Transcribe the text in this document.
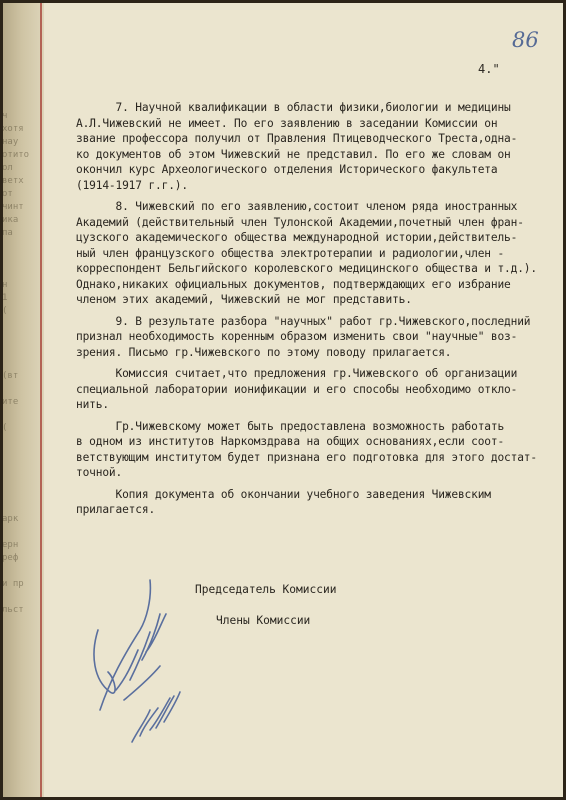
ч
хотя
нау
отито
ол
ветх
от
чинт
ика
па

н
1
(

(вт

ите

(

арк

ерн
реф

и пр

льст
86
4."

7. Научной квалификации в области физики,биологии и медицины
А.Л.Чижевский не имеет. По его заявлению в заседании Комиссии он
звание профессора получил от Правления Птицеводческого Треста,одна-
ко документов об этом Чижевский не представил. По его же словам он
окончил курс Археологического отделения Исторического факультета
(1914-1917 г.г.).

8. Чижевский по его заявлению,состоит членом ряда иностранных
Академий (действительный член Тулонской Академии,почетный член фран-
цузского академического общества международной истории,действитель-
ный член французского общества электротерапии и радиологии,член -
корреспондент Бельгийского королевского медицинского общества и т.д.).
Однако,никаких официальных документов, подтверждающих его избрание
членом этих академий, Чижевский не мог представить.

9. В результате разбора "научных" работ гр.Чижевского,последний
признал необходимость коренным образом изменить свои "научные" воз-
зрения. Письмо гр.Чижевского по этому поводу прилагается.

Комиссия считает,что предложения гр.Чижевского об организации
специальной лаборатории ионификации и его способы необходимо откло-
нить.

Гр.Чижевскому может быть предоставлена возможность работать
в одном из институтов Наркомздрава на общих основаниях,если соот-
ветствующим институтом будет признана его подготовка для этого достат-
точной.

Копия документа об окончании учебного заведения Чижевским
прилагается.

Председатель Комиссии
Члены Комиссии
